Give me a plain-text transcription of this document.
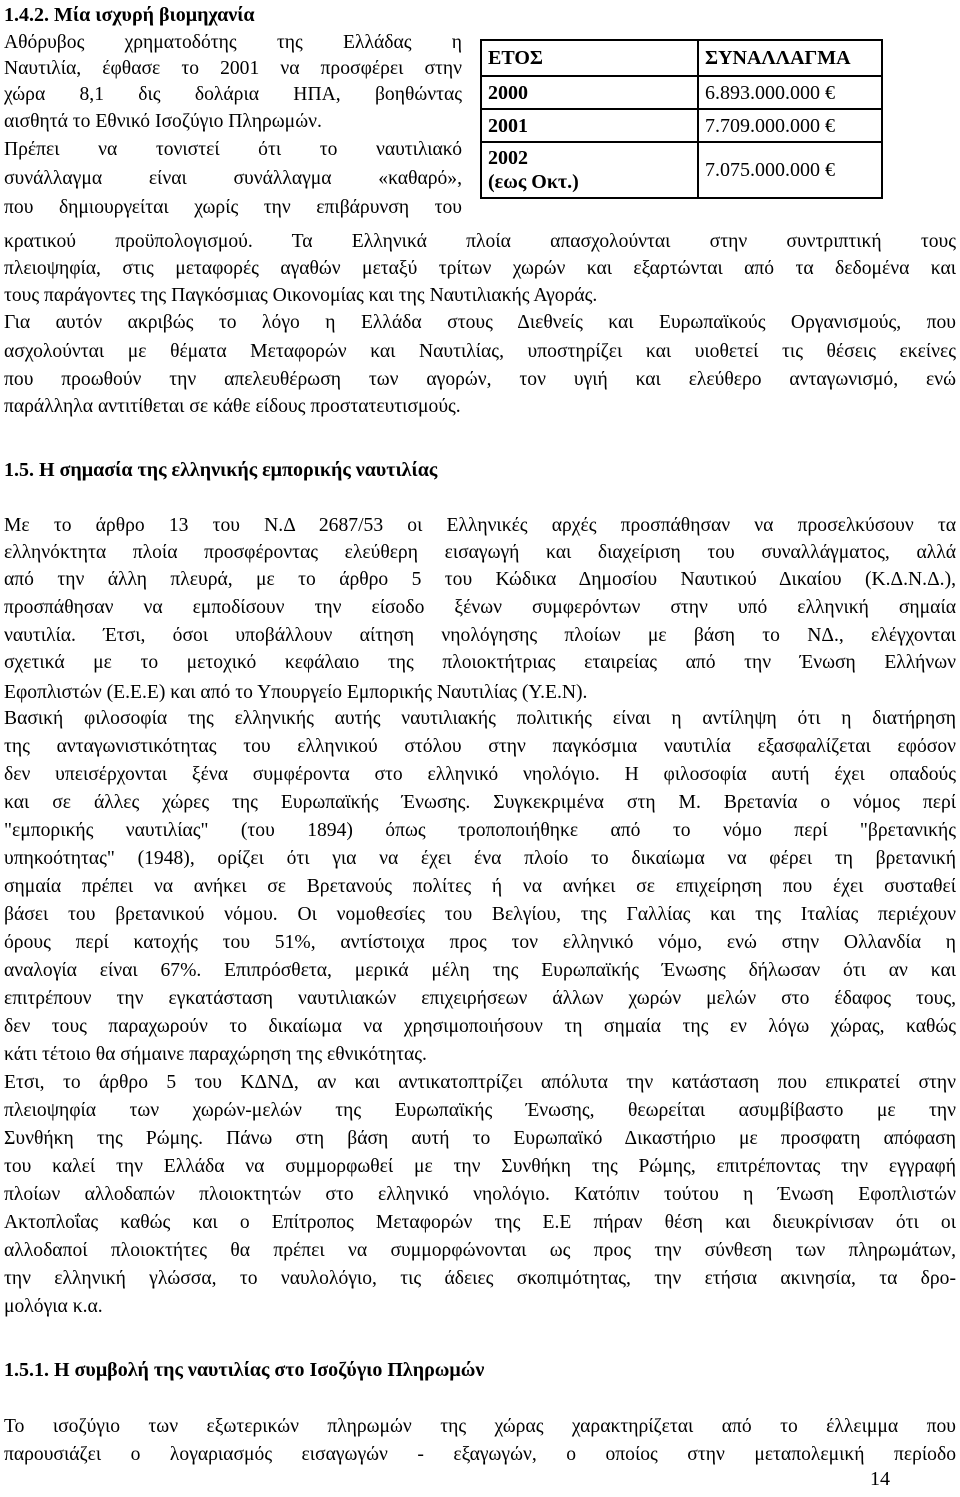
1.4.2. Μία ισχυρή βιομηχανία
Αθόρυβος χρηματοδότης της Ελλάδας η
Ναυτιλία, έφθασε το 2001 να προσφέρει στην
χώρα 8,1 δις δολάρια ΗΠΑ, βοηθώντας
αισθητά το Εθνικό Ισοζύγιο Πληρωμών.
Πρέπει να τονιστεί ότι το ναυτιλιακό
συνάλλαγμα είναι συνάλλαγμα «καθαρό»,
που δημιουργείται χωρίς την επιβάρυνση του
ΕΤΟΣ	ΣΥΝΑΛΛΑΓΜΑ
2000	6.893.000.000 €
2001	7.709.000.000 €

2002
(εως Οκτ.)	7.075.000.000 €
κρατικού προϋπολογισμού. Τα Ελληνικά πλοία απασχολούνται στην συντριπτική τους
πλειοψηφία, στις μεταφορές αγαθών μεταξύ τρίτων χωρών και εξαρτώνται από τα δεδομένα και
τους παράγοντες της Παγκόσμιας Οικονομίας και της Ναυτιλιακής Αγοράς.
Για αυτόν ακριβώς το λόγο η Ελλάδα στους Διεθνείς και Ευρωπαϊκούς Οργανισμούς, που
ασχολούνται με θέματα Μεταφορών και Ναυτιλίας, υποστηρίζει και υιοθετεί τις θέσεις εκείνες
που προωθούν την απελευθέρωση των αγορών, τον υγιή και ελεύθερο ανταγωνισμό, ενώ
παράλληλα αντιτίθεται σε κάθε είδους προστατευτισμούς.
1.5. Η σημασία της ελληνικής εμπορικής ναυτιλίας
Με το άρθρο 13 του Ν.Δ 2687/53 οι Ελληνικές αρχές προσπάθησαν να προσελκύσουν τα
ελληνόκτητα πλοία προσφέροντας ελεύθερη εισαγωγή και διαχείριση του συναλλάγματος, αλλά
από την άλλη πλευρά, με το άρθρο 5 του Κώδικα Δημοσίου Ναυτικού Δικαίου (Κ.Δ.Ν.Δ.),
προσπάθησαν να εμποδίσουν την είσοδο ξένων συμφερόντων στην υπό ελληνική σημαία
ναυτιλία. Έτσι, όσοι υποβάλλουν αίτηση νηολόγησης πλοίων με βάση το ΝΔ., ελέγχονται
σχετικά με το μετοχικό κεφάλαιο της πλοιοκτήτριας εταιρείας από την Ένωση Ελλήνων
Εφοπλιστών (Ε.Ε.Ε) και από το Υπουργείο Εμπορικής Ναυτιλίας (Υ.Ε.Ν).
Βασική φιλοσοφία της ελληνικής αυτής ναυτιλιακής πολιτικής είναι η αντίληψη ότι η διατήρηση
της ανταγωνιστικότητας του ελληνικού στόλου στην παγκόσμια ναυτιλία εξασφαλίζεται εφόσον
δεν υπεισέρχονται ξένα συμφέροντα στο ελληνικό νηολόγιο. Η φιλοσοφία αυτή έχει οπαδούς
και σε άλλες χώρες της Ευρωπαϊκής Ένωσης. Συγκεκριμένα στη Μ. Βρετανία ο νόμος περί
"εμπορικής ναυτιλίας" (του 1894) όπως τροποποιήθηκε από το νόμο περί "βρετανικής
υπηκοότητας" (1948), ορίζει ότι για να έχει ένα πλοίο το δικαίωμα να φέρει τη βρετανική
σημαία πρέπει να ανήκει σε Βρετανούς πολίτες ή να ανήκει σε επιχείρηση που έχει συσταθεί
βάσει του βρετανικού νόμου. Οι νομοθεσίες του Βελγίου, της Γαλλίας και της Ιταλίας περιέχουν
όρους περί κατοχής του 51%, αντίστοιχα προς τον ελληνικό νόμο, ενώ στην Ολλανδία η
αναλογία είναι 67%. Επιπρόσθετα, μερικά μέλη της Ευρωπαϊκής Ένωσης δήλωσαν ότι αν και
επιτρέπουν την εγκατάσταση ναυτιλιακών επιχειρήσεων άλλων χωρών μελών στο έδαφος τους,
δεν τους παραχωρούν το δικαίωμα να χρησιμοποιήσουν τη σημαία της εν λόγω χώρας, καθώς
κάτι τέτοιο θα σήμαινε παραχώρηση της εθνικότητας.
Ετσι, το άρθρο 5 του ΚΔΝΔ, αν και αντικατοπτρίζει απόλυτα την κατάσταση που επικρατεί στην
πλειοψηφία των χωρών-μελών της Ευρωπαϊκής Ένωσης, θεωρείται ασυμβίβαστο με την
Συνθήκη της Ρώμης. Πάνω στη βάση αυτή το Ευρωπαϊκό Δικαστήριο με προσφατη απόφαση
του καλεί την Ελλάδα να συμμορφωθεί με την Συνθήκη της Ρώμης, επιτρέποντας την εγγραφή
πλοίων αλλοδαπών πλοιοκτητών στο ελληνικό νηολόγιο. Κατόπιν τούτου η Ένωση Εφοπλιστών
Ακτοπλοΐας καθώς και ο Επίτροπος Μεταφορών της Ε.Ε πήραν θέση και διευκρίνισαν ότι οι
αλλοδαποί πλοιοκτήτες θα πρέπει να συμμορφώνονται ως προς την σύνθεση των πληρωμάτων,
την ελληνική γλώσσα, το ναυλολόγιο, τις άδειες σκοπιμότητας, την ετήσια ακινησία, τα δρο-
μολόγια κ.α.
1.5.1. Η συμβολή της ναυτιλίας στο Ισοζύγιο Πληρωμών
Το ισοζύγιο των εξωτερικών πληρωμών της χώρας χαρακτηρίζεται από το έλλειμμα που
παρουσιάζει ο λογαριασμός εισαγωγών - εξαγωγών, ο οποίος στην μεταπολεμική περίοδο
14
